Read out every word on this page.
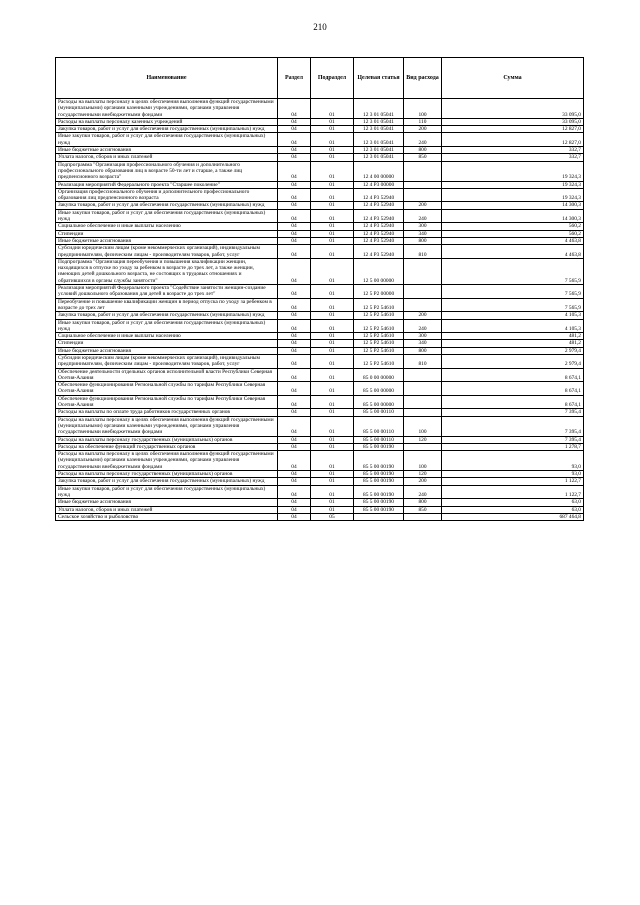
210
Наименование	Раздел	Подраздел	Целевая статья	Вид расхода	Сумма
Расходы на выплаты персоналу в целях обеспечения выполнения функций государственными (муниципальными) органами казенными учреждениями, органами управления государственными внебюджетными фондами	04	01	12 3 01 05041	100	33 095,0
Расходы на выплаты персоналу казенных учреждений	04	01	12 3 01 05041	110	33 095,0
Закупка товаров, работ и услуг для обеспечения государственных (муниципальных) нужд	04	01	12 3 01 05041	200	12 827,0
Иные закупки товаров, работ и услуг для обеспечения государственных (муниципальных) нужд	04	01	12 3 01 05041	240	12 827,0
Иные бюджетные ассигнования	04	01	12 3 01 05041	800	332,7
Уплата налогов, сборов и иных платежей	04	01	12 3 01 05041	850	332,7
Подпрограмма "Организация профессионального обучения и дополнительного профессионального образования лиц в возрасте 50-ти лет и старше, а также лиц предпенсионного возраста"	04	01	12 4 00 00000		19 324,3
Реализация мероприятий Федерального проекта "Старшее поколение"	04	01	12 4 P3 00000		19 324,3
Организация профессионального обучения и дополнительного профессионального образования лиц предпенсионного возраста	04	01	12 4 P3 52940		19 324,3
Закупка товаров, работ и услуг для обеспечения государственных (муниципальных) нужд	04	01	12 4 P3 52940	200	14 300,3
Иные закупки товаров, работ и услуг для обеспечения государственных (муниципальных) нужд	04	01	12 4 P3 52940	240	14 300,3
Социальное обеспечение и иные выплаты населению	04	01	12 4 P3 52940	300	560,2
Стипендии	04	01	12 4 P3 52940	340	560,2
Иные бюджетные ассигнования	04	01	12 4 P3 52940	800	4 463,8
Субсидии юридическим лицам (кроме некоммерческих организаций), индивидуальным предпринимателям, физическим лицам - производителям товаров, работ, услуг	04	01	12 4 P3 52940	810	4 463,8
Подпрограмма "Организация переобучения и повышения квалификации женщин, находящихся в отпуске по уходу за ребенком в возрасте до трех лет, а также женщин, имеющих детей дошкольного возраста, не состоящих в трудовых отношениях и обратившихся в органы службы занятости"	04	01	12 5 00 00000		7 565,9
Реализация мероприятий Федерального проекта "Содействие занятости женщин-создание условий дошкольного образования для детей в возрасте до трех лет"	04	01	12 5 P2 00000		7 565,9
Переобучение и повышение квалификации женщин в период отпуска по уходу за ребенком в возрасте до трех лет	04	01	12 5 P2 54610		7 565,9
Закупка товаров, работ и услуг для обеспечения государственных (муниципальных) нужд	04	01	12 5 P2 54610	200	4 105,3
Иные закупки товаров, работ и услуг для обеспечения государственных (муниципальных) нужд	04	01	12 5 P2 54610	240	4 105,3
Социальное обеспечение и иные выплаты населению	04	01	12 5 P2 54610	300	481,2
Стипендии	04	01	12 5 P2 54610	340	481,2
Иные бюджетные ассигнования	04	01	12 5 P2 54610	800	2 979,4
Субсидии юридическим лицам (кроме некоммерческих организаций), индивидуальным предпринимателям, физическим лицам - производителям товаров, работ, услуг	04	01	12 5 P2 54610	810	2 979,4
Обеспечение деятельности отдельных органов исполнительной власти Республики Северная Осетия-Алания	04	01	85 0 00 00000		8 674,1
Обеспечение функционирования Региональной службы по тарифам Республики Северная Осетия-Алания	04	01	85 5 00 00000		8 674,1
Обеспечение функционирования Региональной службы по тарифам Республики Северная Осетия-Алания	04	01	85 5 00 00000		8 674,1
Расходы на выплаты по оплате труда работников государственных органов	04	01	85 5 00 00110		7 395,4
Расходы на выплаты персоналу в целях обеспечения выполнения функций государственными (муниципальными) органами казенными учреждениями, органами управления государственными внебюджетными фондами	04	01	85 5 00 00110	100	7 395,4
Расходы на выплаты персоналу государственных (муниципальных) органов	04	01	85 5 00 00110	120	7 395,4
Расходы на обеспечение функций государственных органов	04	01	85 5 00 00190		1 278,7
Расходы на выплаты персоналу в целях обеспечения выполнения функций государственными (муниципальными) органами казенными учреждениями, органами управления государственными внебюджетными фондами	04	01	85 5 00 00190	100	93,0
Расходы на выплаты персоналу государственных (муниципальных) органов	04	01	85 5 00 00190	120	93,0
Закупка товаров, работ и услуг для обеспечения государственных (муниципальных) нужд	04	01	85 5 00 00190	200	1 122,7
Иные закупки товаров, работ и услуг для обеспечения государственных (муниципальных) нужд	04	01	85 5 00 00190	240	1 122,7
Иные бюджетные ассигнования	04	01	85 5 00 00190	800	63,0
Уплата налогов, сборов и иных платежей	04	01	85 5 00 00190	850	63,0
Сельское хозяйство и рыболовство	04	05			687 464,8
